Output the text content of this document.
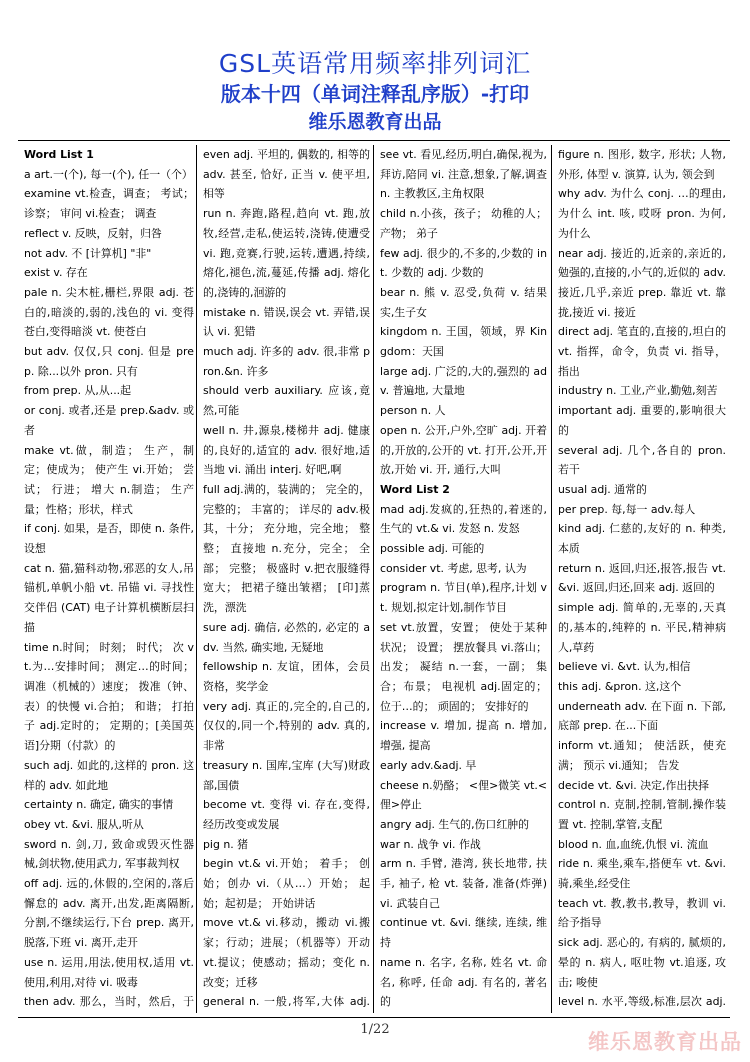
GSL英语常用频率排列词汇
版本十四（单词注释乱序版）-打印
维乐恩教育出品
Word List 1
a art.一(个), 每一(个), 任一（个）
examine vt.检查，调查； 考试；诊察； 审问 vi.检查； 调查
reflect v. 反映，反射，归咎
not adv. 不 [计算机] "非"
exist v. 存在
pale n. 尖木桩,栅栏,界限 adj. 苍白的,暗淡的,弱的,浅色的 vi. 变得苍白,变得暗淡 vt. 使苍白
but adv. 仅仅,只 conj. 但是 prep. 除...以外 pron. 只有
from prep. 从,从...起
or conj. 或者,还是 prep.&adv. 或者
make vt.做，制造； 生产，制定；使成为； 使产生 vi.开始； 尝试； 行进； 增大 n.制造； 生产量；性格；形状，样式
if conj. 如果，是否，即使 n. 条件,设想
cat n. 猫,猫科动物,邪恶的女人,吊锚机,单帆小船 vt. 吊锚 vi. 寻找性交伴侣 (CAT) 电子计算机横断层扫描
time n.时间； 时刻； 时代； 次 vt.为…安排时间； 测定…的时间； 调准（机械的）速度； 拨准（钟、表）的快慢 vi.合拍； 和谐； 打拍子 adj.定时的； 定期的；[美国英语]分期（付款）的
such adj. 如此的,这样的 pron. 这样的 adv. 如此地
certainty n. 确定, 确实的事情
obey vt. &vi. 服从,听从
sword n. 剑,刀, 致命或毁灭性器械,剑状物,使用武力, 军事裁判权
off adj. 远的,休假的,空闲的,落后懈怠的 adv. 离开,出发,距离隔断,分割,不继续运行,下台 prep. 离开,脱落,下班 vi. 离开,走开
use n. 运用,用法,使用权,适用 vt. 使用,利用,对待 vi. 吸毒
then adv. 那么，当时，然后，于
even adj. 平坦的, 偶数的, 相等的 adv. 甚至, 恰好, 正当 v. 使平坦,相等
run n. 奔跑,路程,趋向 vt. 跑,放牧,经营,走私,使运转,浇铸,使遭受 vi. 跑,竞赛,行驶,运转,遭遇,持续,熔化,褪色,流,蔓延,传播 adj. 熔化的,浇铸的,洄游的
mistake n. 错误,误会 vt. 弄错,误认 vi. 犯错
much adj. 许多的 adv. 很,非常 pron.&n. 许多
should verb auxiliary. 应该,竟然,可能
well n. 井,源泉,楼梯井 adj. 健康的,良好的,适宜的 adv. 很好地,适当地 vi. 涌出 interj. 好吧,啊
full adj.满的，装满的； 完全的，完整的； 丰富的； 详尽的 adv.极其，十分； 充分地，完全地； 整整； 直接地 n.充分，完全； 全部； 完整； 极盛时 v.把衣服缝得宽大； 把裙子缝出皱褶； [印]蒸洗，漂洗
sure adj. 确信, 必然的, 必定的 adv. 当然, 确实地, 无疑地
fellowship n. 友谊，团体，会员资格，奖学金
very adj. 真正的,完全的,自己的,仅仅的,同一个,特别的 adv. 真的,非常
treasury n. 国库,宝库 (大写)财政部,国债
become vt. 变得 vi. 存在,变得,经历改变或发展
pig n. 猪
begin vt.& vi.开始； 着手； 创始；创办 vi.（从…）开始； 起始；起初是； 开始讲话
move vt.& vi.移动，搬动 vi.搬家；行动；进展；（机器等）开动 vt.提议；使感动；摇动；变化 n.改变；迁移
general n. 一般,将军,大体 adj.
see vt. 看见,经历,明白,确保,视为,拜访,陪同 vi. 注意,想象,了解,调查 n. 主教教区,主角权限
child n.小孩，孩子； 幼稚的人；产物； 弟子
few adj. 很少的,不多的,少数的 int. 少数的 adj. 少数的
bear n. 熊 v. 忍受,负荷 v. 结果实,生子女
kingdom n. 王国，领域，界 Kingdom：天国
large adj. 广泛的,大的,强烈的 adv. 普遍地, 大量地
person n. 人
open n. 公开,户外,空旷 adj. 开着的,开放的,公开的 vt. 打开,公开,开放,开始 vi. 开, 通行,大叫
Word List 2
mad adj.发疯的,狂热的,着迷的,生气的 vt.& vi. 发怒 n. 发怒
possible adj. 可能的
consider vt. 考虑, 思考, 认为
program n. 节目(单),程序,计划 vt. 规划,拟定计划,制作节目
set vt.放置，安置； 使处于某种状况； 设置； 摆放餐具 vi.落山；出发； 凝结 n.一套，一副； 集合；布景； 电视机 adj.固定的； 位于…的； 顽固的； 安排好的
increase v. 增加, 提高 n. 增加, 增强, 提高
early adv.&adj. 早
cheese n.奶酪； <俚>微笑 vt.<俚>停止
angry adj. 生气的,伤口红肿的
war n. 战争 vi. 作战
arm n. 手臂, 港湾, 狭长地带, 扶手, 袖子, 枪 vt. 装备, 准备(炸弹) vi. 武装自己
continue vt. &vi. 继续, 连续, 维持
name n. 名字, 名称, 姓名 vt. 命名, 称呼, 任命 adj. 有名的, 著名的
figure n. 图形, 数字, 形状; 人物, 外形, 体型 v. 演算, 认为, 领会到
why adv. 为什么 conj. …的理由, 为什么 int. 咳, 哎呀 pron. 为何, 为什么
near adj. 接近的,近亲的,亲近的,勉强的,直接的,小气的,近似的 adv. 接近,几乎,亲近 prep. 靠近 vt. 靠拢,接近 vi. 接近
direct adj. 笔直的,直接的,坦白的 vt. 指挥，命令，负责 vi. 指导，指出
industry n. 工业,产业,勤勉,刻苦
important adj. 重要的,影响很大的
several adj. 几个,各自的 pron. 若干
usual adj. 通常的
per prep. 每,每一 adv.每人
kind adj. 仁慈的,友好的 n. 种类,本质
return n. 返回,归还,报答,报告 vt. &vi. 返回,归还,回来 adj. 返回的
simple adj. 简单的,无辜的,天真的,基本的,纯粹的 n. 平民,精神病人,草药
believe vi. &vt. 认为,相信
this adj. &pron. 这,这个
underneath adv. 在下面 n. 下部,底部 prep. 在...下面
inform vt.通知； 使活跃，使充满； 预示 vi.通知； 告发
decide vt. &vi. 决定,作出抉择
control n. 克制,控制,管制,操作装置 vt. 控制,掌管,支配
blood n. 血,血统,仇恨 vi. 流血
ride n. 乘坐,乘车,搭便车 vt. &vi. 骑,乘坐,经受住
teach vt. 教,教书,教导，教训 vi. 给予指导
sick adj. 恶心的, 有病的, 腻烦的, 晕的 n. 病人, 呕吐物 vt.追逐, 攻击; 唆使
level n. 水平,等级,标准,层次 adj.
1/22
维乐恩教育出品
